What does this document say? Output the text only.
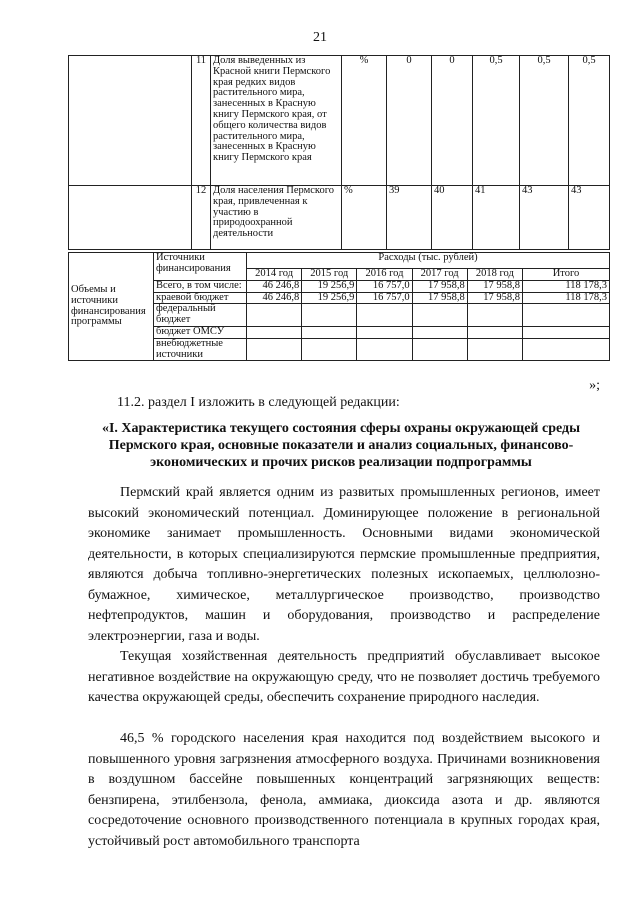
21
	11	Доля выведенных из Красной книги Пермского края редких видов растительного мира, занесенных в Красную книгу Пермского края, от общего количества видов растительного мира, занесенных в Красную книгу Пермского края	%	0	0	0,5	0,5	0,5
	12	Доля населения Пермского края, привлеченная к участию в природоохранной деятельности	%	39	40	41	43	43
Объемы и источники финансирования программы	Источники финансирования	Расходы (тыс. рублей)					
		2014 год	2015 год	2016 год	2017 год	2018 год	Итого
	Всего, в том числе:	46 246,8	19 256,9	16 757,0	17 958,8	17 958,8	118 178,3
	краевой бюджет	46 246,8	19 256,9	16 757,0	17 958,8	17 958,8	118 178,3
	федеральный бюджет						
	бюджет ОМСУ						
	внебюджетные источники						
»;
11.2. раздел I изложить в следующей редакции:
«I. Характеристика текущего состояния сферы охраны окружающей среды Пермского края, основные показатели и анализ социальных, финансово-экономических и прочих рисков реализации подпрограммы
Пермский край является одним из развитых промышленных регионов, имеет высокий экономический потенциал. Доминирующее положение в региональной экономике занимает промышленность. Основными видами экономической деятельности, в которых специализируются пермские промышленные предприятия, являются добыча топливно-энергетических полезных ископаемых, целлюлозно-бумажное, химическое, металлургическое производство, производство нефтепродуктов, машин и оборудования, производство и распределение электроэнергии, газа и воды.
Текущая хозяйственная деятельность предприятий обуславливает высокое негативное воздействие на окружающую среду, что не позволяет достичь требуемого качества окружающей среды, обеспечить сохранение природного наследия.
46,5 % городского населения края находится под воздействием высокого и повышенного уровня загрязнения атмосферного воздуха. Причинами возникновения в воздушном бассейне повышенных концентраций загрязняющих веществ: бензпирена, этилбензола, фенола, аммиака, диоксида азота и др. являются сосредоточение основного производственного потенциала в крупных городах края, устойчивый рост автомобильного транспорта
